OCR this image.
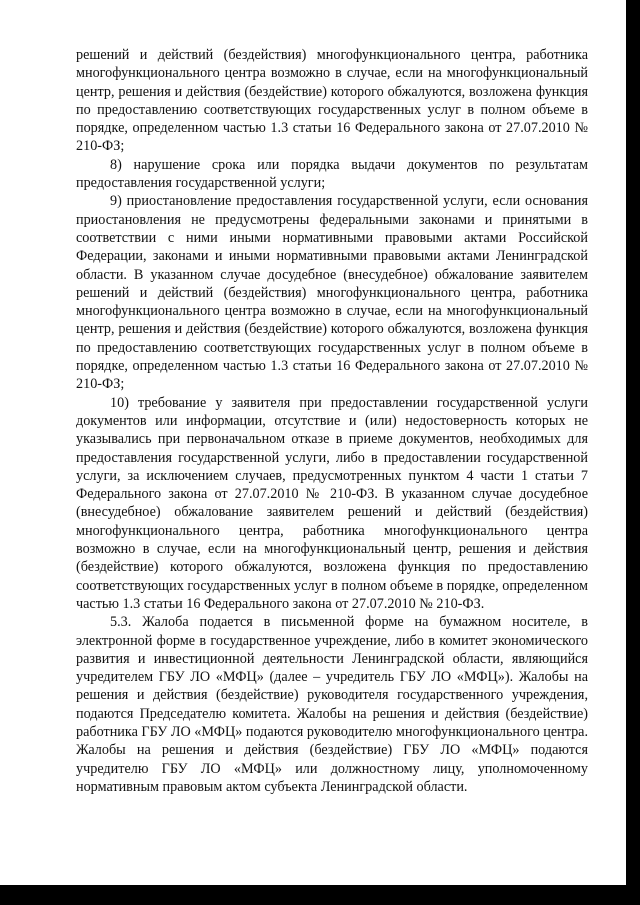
решений и действий (бездействия) многофункционального центра, работника многофункционального центра возможно в случае, если на многофункциональный центр, решения и действия (бездействие) которого обжалуются, возложена функция по предоставлению соответствующих государственных услуг в полном объеме в порядке, определенном частью 1.3 статьи 16 Федерального закона от 27.07.2010 № 210-ФЗ;

8) нарушение срока или порядка выдачи документов по результатам предоставления государственной услуги;

9) приостановление предоставления государственной услуги, если основания приостановления не предусмотрены федеральными законами и принятыми в соответствии с ними иными нормативными правовыми актами Российской Федерации, законами и иными нормативными правовыми актами Ленинградской области. В указанном случае досудебное (внесудебное) обжалование заявителем решений и действий (бездействия) многофункционального центра, работника многофункционального центра возможно в случае, если на многофункциональный центр, решения и действия (бездействие) которого обжалуются, возложена функция по предоставлению соответствующих государственных услуг в полном объеме в порядке, определенном частью 1.3 статьи 16 Федерального закона от 27.07.2010 № 210-ФЗ;

10) требование у заявителя при предоставлении государственной услуги документов или информации, отсутствие и (или) недостоверность которых не указывались при первоначальном отказе в приеме документов, необходимых для предоставления государственной услуги, либо в предоставлении государственной услуги, за исключением случаев, предусмотренных пунктом 4 части 1 статьи 7 Федерального закона от 27.07.2010 № 210-ФЗ. В указанном случае досудебное (внесудебное) обжалование заявителем решений и действий (бездействия) многофункционального центра, работника многофункционального центра возможно в случае, если на многофункциональный центр, решения и действия (бездействие) которого обжалуются, возложена функция по предоставлению соответствующих государственных услуг в полном объеме в порядке, определенном частью 1.3 статьи 16 Федерального закона от 27.07.2010 № 210-ФЗ.

5.3. Жалоба подается в письменной форме на бумажном носителе, в электронной форме в государственное учреждение, либо в комитет экономического развития и инвестиционной деятельности Ленинградской области, являющийся учредителем ГБУ ЛО «МФЦ» (далее – учредитель ГБУ ЛО «МФЦ»). Жалобы на решения и действия (бездействие) руководителя государственного учреждения, подаются Председателю комитета. Жалобы на решения и действия (бездействие) работника ГБУ ЛО «МФЦ» подаются руководителю многофункционального центра. Жалобы на решения и действия (бездействие) ГБУ ЛО «МФЦ» подаются учредителю ГБУ ЛО «МФЦ» или должностному лицу, уполномоченному нормативным правовым актом субъекта Ленинградской области.
